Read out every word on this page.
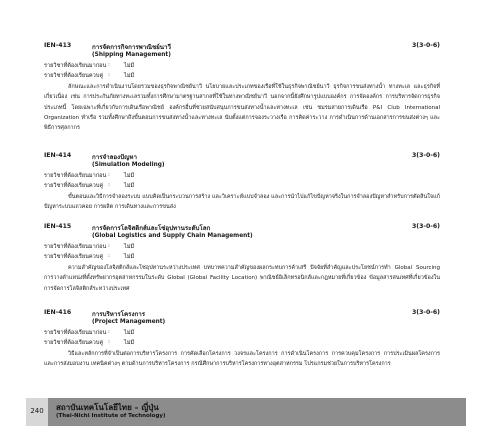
IEN-413	การจัดการกิจการพาณิชย์นาวี	3(3-0-6)
(Shipping Management)
รายวิชาที่ต้องเรียนมาก่อน :	ไม่มี
รายวิชาที่ต้องเรียนควบคู่ :	ไม่มี

ลักษณะและการดำเนินงานโดยรวมของธุรกิจพาณิชย์นาวี นโยบายและประเภทของเรือที่ใช้ในธุรกิจพาณิชย์นาวี ธุรกิจการขนส่งทางน้ำ ทางทะเล และธุรกิจที่เกี่ยวเนื่อง เช่น การประกันภัยทางทะเลรวมทั้งการศึกษามาตรฐานสากลที่ใช้ในทางพาณิชย์นาวี นอกจากนี้ยังศึกษารูปแบบองค์กร การจัดองค์กร การบริหารจัดการธุรกิจประเภทนี้ โดยเฉพาะที่เกี่ยวกับการเดินเรือพาณิชย์ องค์กรอื่นที่ช่วยสนับสนุนการขนส่งทางน้ำและทางทะเล เช่น ชมรมสายการเดินเรือ P&I Club International Organization ทำเรือ รวมทั้งศึกษาถึงขั้นตอนการขนส่งทางน้ำและทางทะเล นับตั้งแต่การจองระวางเรือ การคิดค่าระวาง การดำเนินการด้านเอกสารการขนส่งต่างๆ และพิธีการศุลกากร

IEN-414	การจำลองปัญหา	3(3-0-6)
(Simulation Modeling)
รายวิชาที่ต้องเรียนมาก่อน :	ไม่มี
รายวิชาที่ต้องเรียนควบคู่ :	ไม่มี

ขั้นตอนและวิธีการจำลองระบบ แบบคิดเป็นกระบวนการสร้าง และวิเคราะห์แบบจำลอง และการนำไปแก้ไขปัญหาจริงในการจำลองปัญหาสำหรับการตัดสินใจแก้ปัญหาระบบแถวคอย การผลิต การเดินทางและการขนส่ง

IEN-415	การจัดการโลจิสติกส์และโซ่อุปทานระดับโลก	3(3-0-6)
(Global Logistics and Supply Chain Management)
รายวิชาที่ต้องเรียนมาก่อน :	ไม่มี
รายวิชาที่ต้องเรียนควบคู่ :	ไม่มี

ความสำคัญของโลจิสติกส์และโซ่อุปทานระหว่างประเทศ บทบาทความสำคัญของผลกระทบการค้าเสรี ปัจจัยที่สำคัญและประโยชน์การทำ Global Sourcing การวางตำแหน่งที่ตั้งทรัพยากรอุตสาหกรรมในระดับ Global (Global Facility Location) พาณิชย์อิเล็กทรอนิกส์และกฎหมายที่เกี่ยวข้อง ข้อมูลสารสนเทศที่เกี่ยวข้องในการจัดการโลจิสติกส์ระหว่างประเทศ

IEN-416	การบริหารโครงการ	3(3-0-6)
(Project Management)
รายวิชาที่ต้องเรียนมาก่อน :	ไม่มี
รายวิชาที่ต้องเรียนควบคู่ :	ไม่มี

วิธีและหลักการที่จำเป็นต่อการบริหารโครงการ การคัดเลือกโครงการ วงจรและโครงการ การดำเนินโครงการ การควบคุมโครงการ การประเมินผลโครงการและการส่งมอบงาน เทคนิคต่างๆ ตามด้านการบริหารโครงการ กรณีศึกษาการบริหารโครงการทางอุตสาหกรรม โปรแกรมช่วยในการบริหารโครงการ

240	สถาบันเทคโนโลยีไทย – ญี่ปุ่น
(Thai-Nichi Institute of Technology)
